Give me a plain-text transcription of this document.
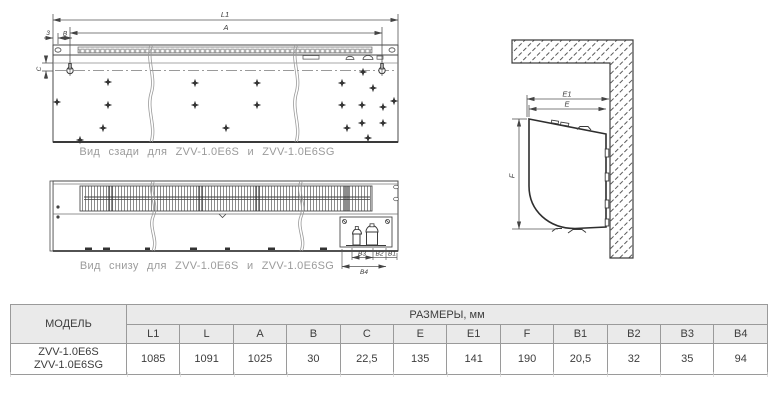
L1
A
3 B
C
B3 B2 B1
B4
E1
E
F
Вид сзади для ZVV-1.0E6S и ZVV-1.0E6SG
Вид снизу для ZVV-1.0E6S и ZVV-1.0E6SG
МОДЕЛЬ	РАЗМЕРЫ, мм											
	L1	L	A	B	C	E	E1	F	B1	B2	B3	B4

ZVV-1.0E6S
ZVV-1.0E6SG	1085	1091	1025	30	22,5	135	141	190	20,5	32	35	94
